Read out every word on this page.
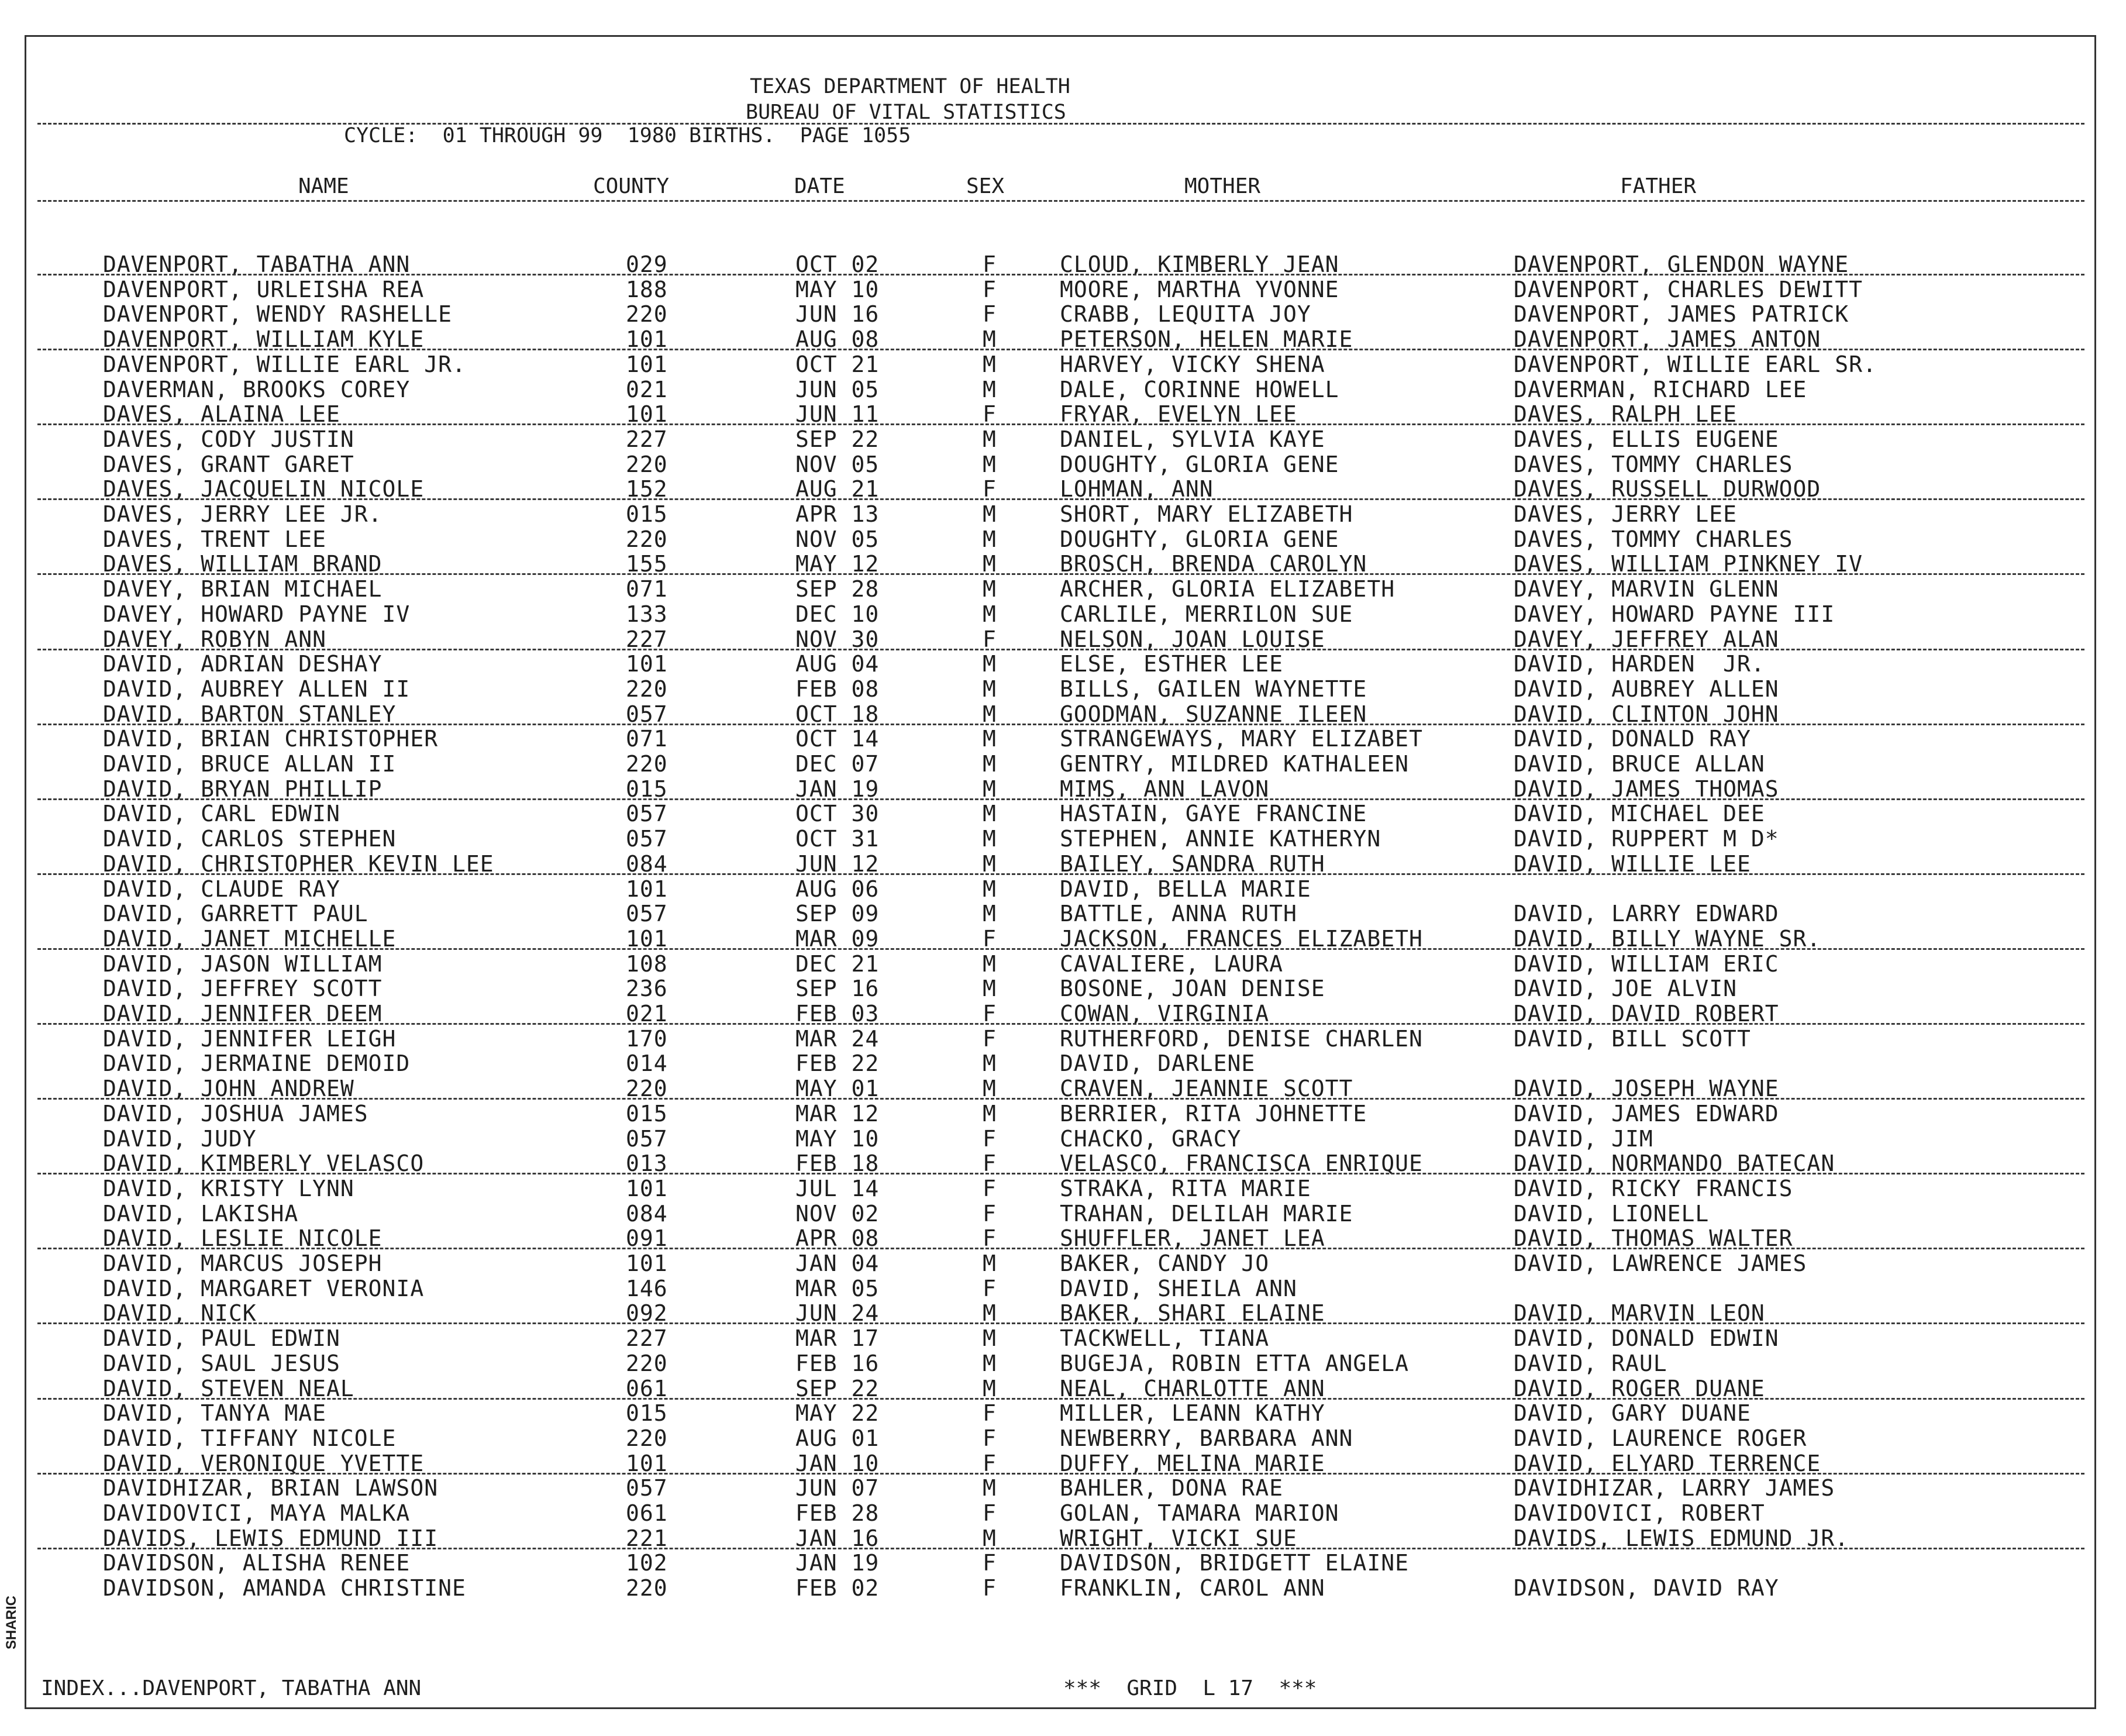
TEXAS DEPARTMENT OF HEALTH
BUREAU OF VITAL STATISTICS
CYCLE:  01 THROUGH 99  1980 BIRTHS.  PAGE 1055
NAME	COUNTY	DATE	SEX	MOTHER	FATHER
DAVENPORT, TABATHA ANN	029	OCT 02	F	CLOUD, KIMBERLY JEAN	DAVENPORT, GLENDON WAYNE
DAVENPORT, URLEISHA REA	188	MAY 10	F	MOORE, MARTHA YVONNE	DAVENPORT, CHARLES DEWITT
DAVENPORT, WENDY RASHELLE	220	JUN 16	F	CRABB, LEQUITA JOY	DAVENPORT, JAMES PATRICK
DAVENPORT, WILLIAM KYLE	101	AUG 08	M	PETERSON, HELEN MARIE	DAVENPORT, JAMES ANTON
DAVENPORT, WILLIE EARL JR.	101	OCT 21	M	HARVEY, VICKY SHENA	DAVENPORT, WILLIE EARL SR.
DAVERMAN, BROOKS COREY	021	JUN 05	M	DALE, CORINNE HOWELL	DAVERMAN, RICHARD LEE
DAVES, ALAINA LEE	101	JUN 11	F	FRYAR, EVELYN LEE	DAVES, RALPH LEE
DAVES, CODY JUSTIN	227	SEP 22	M	DANIEL, SYLVIA KAYE	DAVES, ELLIS EUGENE
DAVES, GRANT GARET	220	NOV 05	M	DOUGHTY, GLORIA GENE	DAVES, TOMMY CHARLES
DAVES, JACQUELIN NICOLE	152	AUG 21	F	LOHMAN, ANN	DAVES, RUSSELL DURWOOD
DAVES, JERRY LEE JR.	015	APR 13	M	SHORT, MARY ELIZABETH	DAVES, JERRY LEE
DAVES, TRENT LEE	220	NOV 05	M	DOUGHTY, GLORIA GENE	DAVES, TOMMY CHARLES
DAVES, WILLIAM BRAND	155	MAY 12	M	BROSCH, BRENDA CAROLYN	DAVES, WILLIAM PINKNEY IV
DAVEY, BRIAN MICHAEL	071	SEP 28	M	ARCHER, GLORIA ELIZABETH	DAVEY, MARVIN GLENN
DAVEY, HOWARD PAYNE IV	133	DEC 10	M	CARLILE, MERRILON SUE	DAVEY, HOWARD PAYNE III
DAVEY, ROBYN ANN	227	NOV 30	F	NELSON, JOAN LOUISE	DAVEY, JEFFREY ALAN
DAVID, ADRIAN DESHAY	101	AUG 04	M	ELSE, ESTHER LEE	DAVID, HARDEN  JR.
DAVID, AUBREY ALLEN II	220	FEB 08	M	BILLS, GAILEN WAYNETTE	DAVID, AUBREY ALLEN
DAVID, BARTON STANLEY	057	OCT 18	M	GOODMAN, SUZANNE ILEEN	DAVID, CLINTON JOHN
DAVID, BRIAN CHRISTOPHER	071	OCT 14	M	STRANGEWAYS, MARY ELIZABET	DAVID, DONALD RAY
DAVID, BRUCE ALLAN II	220	DEC 07	M	GENTRY, MILDRED KATHALEEN	DAVID, BRUCE ALLAN
DAVID, BRYAN PHILLIP	015	JAN 19	M	MIMS, ANN LAVON	DAVID, JAMES THOMAS
DAVID, CARL EDWIN	057	OCT 30	M	HASTAIN, GAYE FRANCINE	DAVID, MICHAEL DEE
DAVID, CARLOS STEPHEN	057	OCT 31	M	STEPHEN, ANNIE KATHERYN	DAVID, RUPPERT M D*
DAVID, CHRISTOPHER KEVIN LEE	084	JUN 12	M	BAILEY, SANDRA RUTH	DAVID, WILLIE LEE
DAVID, CLAUDE RAY	101	AUG 06	M	DAVID, BELLA MARIE
DAVID, GARRETT PAUL	057	SEP 09	M	BATTLE, ANNA RUTH	DAVID, LARRY EDWARD
DAVID, JANET MICHELLE	101	MAR 09	F	JACKSON, FRANCES ELIZABETH	DAVID, BILLY WAYNE SR.
DAVID, JASON WILLIAM	108	DEC 21	M	CAVALIERE, LAURA	DAVID, WILLIAM ERIC
DAVID, JEFFREY SCOTT	236	SEP 16	M	BOSONE, JOAN DENISE	DAVID, JOE ALVIN
DAVID, JENNIFER DEEM	021	FEB 03	F	COWAN, VIRGINIA	DAVID, DAVID ROBERT
DAVID, JENNIFER LEIGH	170	MAR 24	F	RUTHERFORD, DENISE CHARLEN	DAVID, BILL SCOTT
DAVID, JERMAINE DEMOID	014	FEB 22	M	DAVID, DARLENE
DAVID, JOHN ANDREW	220	MAY 01	M	CRAVEN, JEANNIE SCOTT	DAVID, JOSEPH WAYNE
DAVID, JOSHUA JAMES	015	MAR 12	M	BERRIER, RITA JOHNETTE	DAVID, JAMES EDWARD
DAVID, JUDY	057	MAY 10	F	CHACKO, GRACY	DAVID, JIM
DAVID, KIMBERLY VELASCO	013	FEB 18	F	VELASCO, FRANCISCA ENRIQUE	DAVID, NORMANDO BATECAN
DAVID, KRISTY LYNN	101	JUL 14	F	STRAKA, RITA MARIE	DAVID, RICKY FRANCIS
DAVID, LAKISHA	084	NOV 02	F	TRAHAN, DELILAH MARIE	DAVID, LIONELL
DAVID, LESLIE NICOLE	091	APR 08	F	SHUFFLER, JANET LEA	DAVID, THOMAS WALTER
DAVID, MARCUS JOSEPH	101	JAN 04	M	BAKER, CANDY JO	DAVID, LAWRENCE JAMES
DAVID, MARGARET VERONIA	146	MAR 05	F	DAVID, SHEILA ANN
DAVID, NICK	092	JUN 24	M	BAKER, SHARI ELAINE	DAVID, MARVIN LEON
DAVID, PAUL EDWIN	227	MAR 17	M	TACKWELL, TIANA	DAVID, DONALD EDWIN
DAVID, SAUL JESUS	220	FEB 16	M	BUGEJA, ROBIN ETTA ANGELA	DAVID, RAUL
DAVID, STEVEN NEAL	061	SEP 22	M	NEAL, CHARLOTTE ANN	DAVID, ROGER DUANE
DAVID, TANYA MAE	015	MAY 22	F	MILLER, LEANN KATHY	DAVID, GARY DUANE
DAVID, TIFFANY NICOLE	220	AUG 01	F	NEWBERRY, BARBARA ANN	DAVID, LAURENCE ROGER
DAVID, VERONIQUE YVETTE	101	JAN 10	F	DUFFY, MELINA MARIE	DAVID, ELYARD TERRENCE
DAVIDHIZAR, BRIAN LAWSON	057	JUN 07	M	BAHLER, DONA RAE	DAVIDHIZAR, LARRY JAMES
DAVIDOVICI, MAYA MALKA	061	FEB 28	F	GOLAN, TAMARA MARION	DAVIDOVICI, ROBERT
DAVIDS, LEWIS EDMUND III	221	JAN 16	M	WRIGHT, VICKI SUE	DAVIDS, LEWIS EDMUND JR.
DAVIDSON, ALISHA RENEE	102	JAN 19	F	DAVIDSON, BRIDGETT ELAINE
DAVIDSON, AMANDA CHRISTINE	220	FEB 02	F	FRANKLIN, CAROL ANN	DAVIDSON, DAVID RAY
INDEX...DAVENPORT, TABATHA ANN	***  GRID  L 17  ***
SHARIC
